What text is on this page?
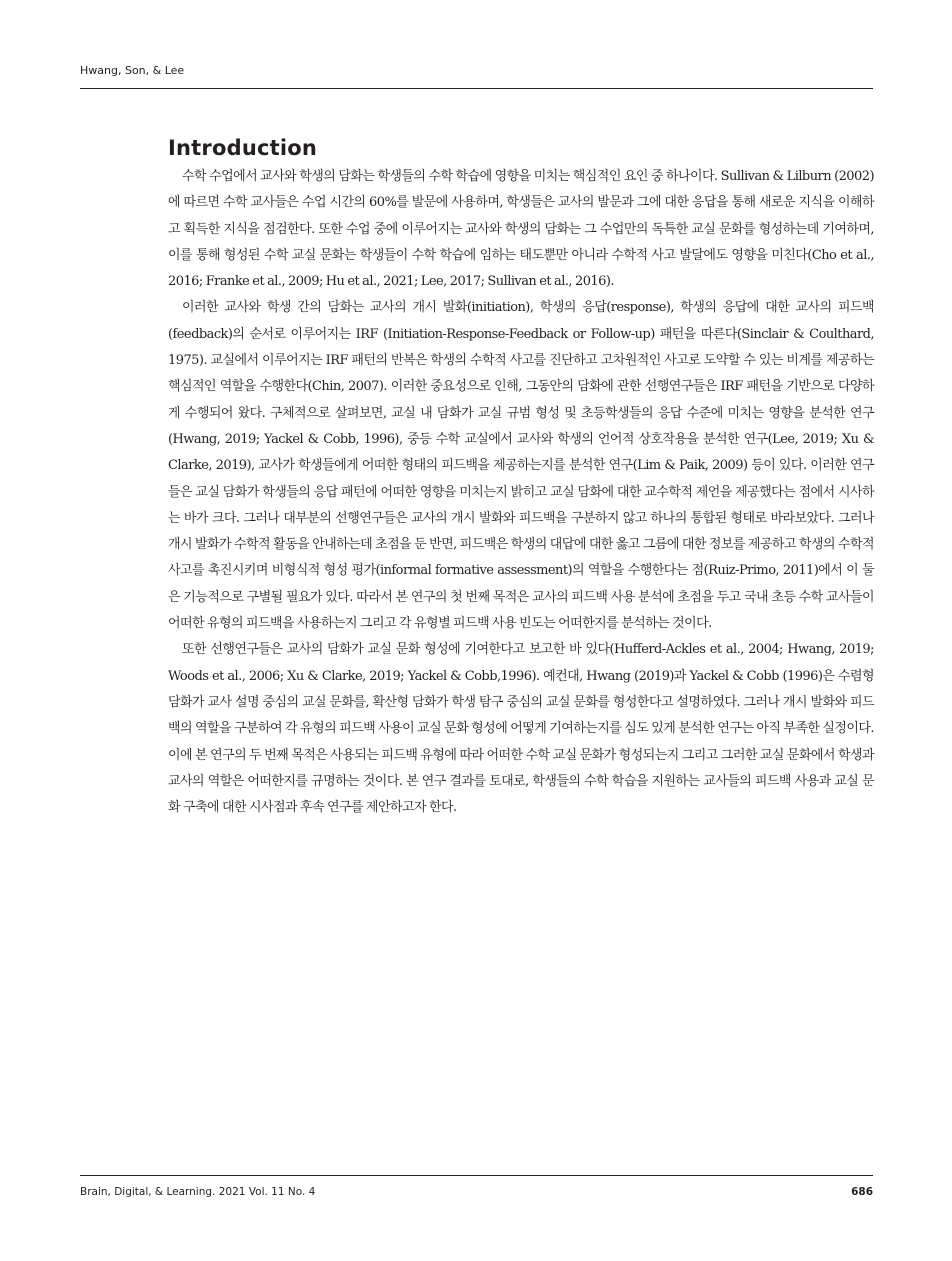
Hwang, Son, & Lee
Introduction

수학 수업에서 교사와 학생의 담화는 학생들의 수학 학습에 영향을 미치는 핵심적인 요인 중 하나이다. Sullivan & Lilburn (2002)에 따르면 수학 교사들은 수업 시간의 60%를 발문에 사용하며, 학생들은 교사의 발문과 그에 대한 응답을 통해 새로운 지식을 이해하고 획득한 지식을 점검한다. 또한 수업 중에 이루어지는 교사와 학생의 담화는 그 수업만의 독특한 교실 문화를 형성하는데 기여하며, 이를 통해 형성된 수학 교실 문화는 학생들이 수학 학습에 임하는 태도뿐만 아니라 수학적 사고 발달에도 영향을 미친다(Cho et al., 2016; Franke et al., 2009; Hu et al., 2021; Lee, 2017; Sullivan et al., 2016).

이러한 교사와 학생 간의 담화는 교사의 개시 발화(initiation), 학생의 응답(response), 학생의 응답에 대한 교사의 피드백(feedback)의 순서로 이루어지는 IRF (Initiation-Response-Feedback or Follow-up) 패턴을 따른다(Sinclair & Coulthard, 1975). 교실에서 이루어지는 IRF 패턴의 반복은 학생의 수학적 사고를 진단하고 고차원적인 사고로 도약할 수 있는 비계를 제공하는 핵심적인 역할을 수행한다(Chin, 2007). 이러한 중요성으로 인해, 그동안의 담화에 관한 선행연구들은 IRF 패턴을 기반으로 다양하게 수행되어 왔다. 구체적으로 살펴보면, 교실 내 담화가 교실 규범 형성 및 초등학생들의 응답 수준에 미치는 영향을 분석한 연구(Hwang, 2019; Yackel & Cobb, 1996), 중등 수학 교실에서 교사와 학생의 언어적 상호작용을 분석한 연구(Lee, 2019; Xu & Clarke, 2019), 교사가 학생들에게 어떠한 형태의 피드백을 제공하는지를 분석한 연구(Lim & Paik, 2009) 등이 있다. 이러한 연구들은 교실 담화가 학생들의 응답 패턴에 어떠한 영향을 미치는지 밝히고 교실 담화에 대한 교수학적 제언을 제공했다는 점에서 시사하는 바가 크다. 그러나 대부분의 선행연구들은 교사의 개시 발화와 피드백을 구분하지 않고 하나의 통합된 형태로 바라보았다. 그러나 개시 발화가 수학적 활동을 안내하는데 초점을 둔 반면, 피드백은 학생의 대답에 대한 옳고 그름에 대한 정보를 제공하고 학생의 수학적 사고를 촉진시키며 비형식적 형성 평가(informal formative assessment)의 역할을 수행한다는 점(Ruiz-Primo, 2011)에서 이 둘은 기능적으로 구별될 필요가 있다. 따라서 본 연구의 첫 번째 목적은 교사의 피드백 사용 분석에 초점을 두고 국내 초등 수학 교사들이 어떠한 유형의 피드백을 사용하는지 그리고 각 유형별 피드백 사용 빈도는 어떠한지를 분석하는 것이다.

또한 선행연구들은 교사의 담화가 교실 문화 형성에 기여한다고 보고한 바 있다(Hufferd-Ackles et al., 2004; Hwang, 2019; Woods et al., 2006; Xu & Clarke, 2019; Yackel & Cobb,1996). 예컨대, Hwang (2019)과 Yackel & Cobb (1996)은 수렴형 담화가 교사 설명 중심의 교실 문화를, 확산형 담화가 학생 탐구 중심의 교실 문화를 형성한다고 설명하였다. 그러나 개시 발화와 피드백의 역할을 구분하여 각 유형의 피드백 사용이 교실 문화 형성에 어떻게 기여하는지를 심도 있게 분석한 연구는 아직 부족한 실정이다. 이에 본 연구의 두 번째 목적은 사용되는 피드백 유형에 따라 어떠한 수학 교실 문화가 형성되는지 그리고 그러한 교실 문화에서 학생과 교사의 역할은 어떠한지를 규명하는 것이다. 본 연구 결과를 토대로, 학생들의 수학 학습을 지원하는 교사들의 피드백 사용과 교실 문화 구축에 대한 시사점과 후속 연구를 제안하고자 한다.

Brain, Digital, & Learning. 2021 Vol. 11 No. 4	686
